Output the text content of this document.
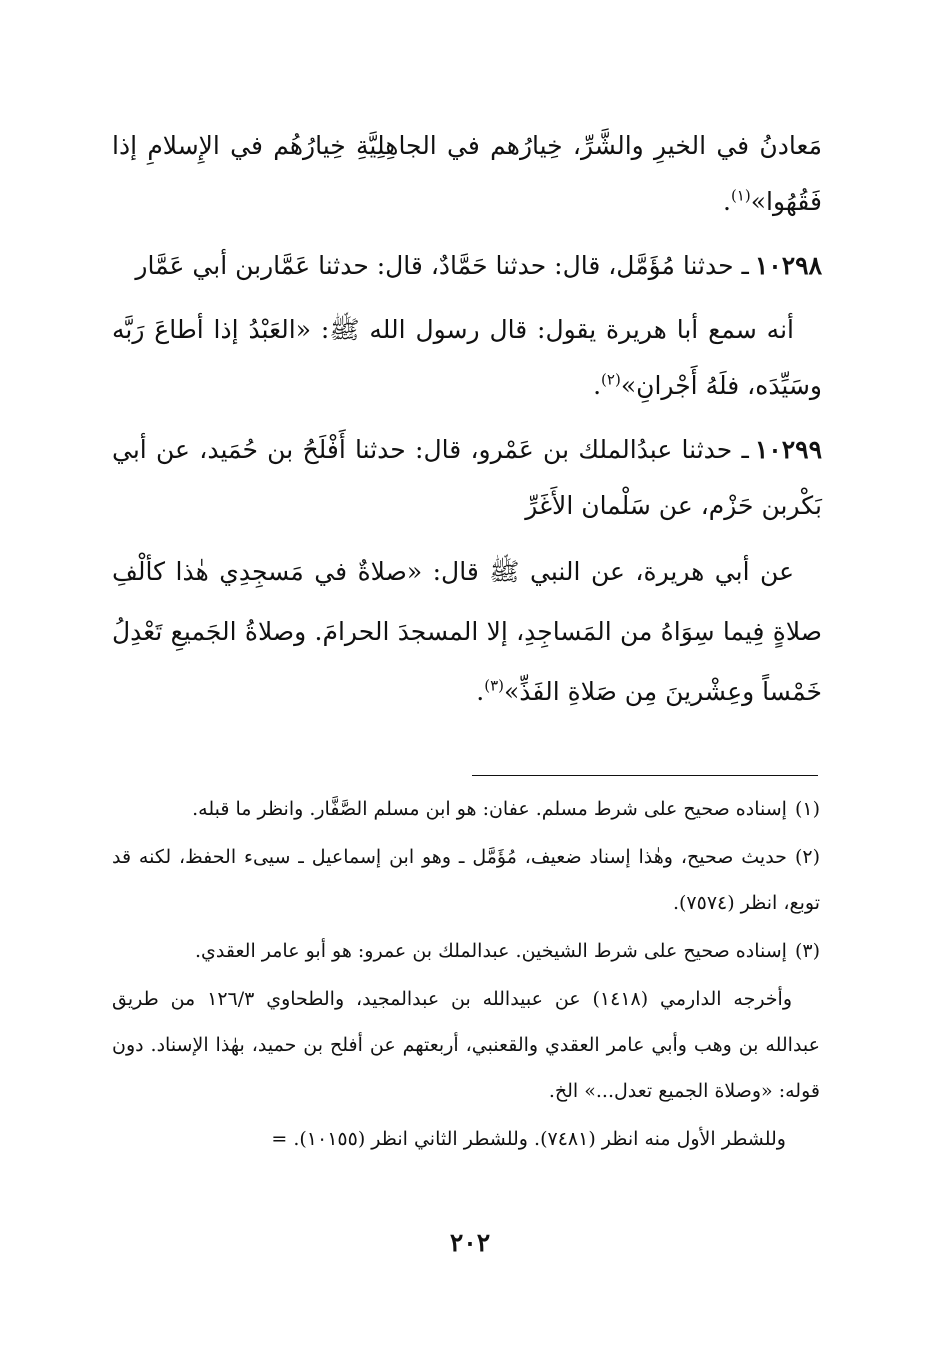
مَعادنُ في الخيرِ والشَّرِّ، خِيارُهم في الجاهِلِيَّةِ خِيارُهُم في الإِسلامِ إذا فَقُهُوا»$^{(١)}$.

١٠٢٩٨ـ حدثنا مُؤَمَّل، قال: حدثنا حَمَّادٌ، قال: حدثنا عَمَّاربن أبي عَمَّار

أنه سمع أبا هريرة يقول: قال رسول الله ﷺ: «العَبْدُ إذا أطاعَ رَبَّه وسَيِّدَه، فلَهُ أَجْرانِ»$^{(٢)}$.

١٠٢٩٩ـ حدثنا عبدُالملك بن عَمْرو، قال: حدثنا أَفْلَحُ بن حُمَيد، عن أبي بَكْربن حَزْم، عن سَلْمان الأَغَرِّ

عن أبي هريرة، عن النبي ﷺ قال: «صلاةٌ في مَسجِدِي هٰذا كألْفِ صلاةٍ فِيما سِوَاهُ من المَساجِدِ، إلا المسجدَ الحرامَ. وصلاةُ الجَميعِ تَعْدِلُ خَمْساً وعِشْرينَ مِن صَلاةِ الفَذِّ»$^{(٣)}$.

(١)إسناده صحيح على شرط مسلم. عفان: هو ابن مسلم الصَّفَّار. وانظر ما قبله.

(٢)حديث صحيح، وهٰذا إسناد ضعيف، مُؤَمَّل ـ وهو ابن إسماعيل ـ سيىء الحفظ، لكنه قد توبع، انظر (٧٥٧٤).

(٣)إسناده صحيح على شرط الشيخين. عبدالملك بن عمرو: هو أبو عامر العقدي.

وأخرجه الدارمي (١٤١٨) عن عبيدالله بن عبدالمجيد، والطحاوي ١٢٦/٣ من طريق عبدالله بن وهب وأبي عامر العقدي والقعنبي، أربعتهم عن أفلح بن حميد، بهٰذا الإسناد. دون قوله: «وصلاة الجميع تعدل...» الخ.

وللشطر الأول منه انظر (٧٤٨١). وللشطر الثاني انظر (١٠١٥٥). =

٢٠٢
